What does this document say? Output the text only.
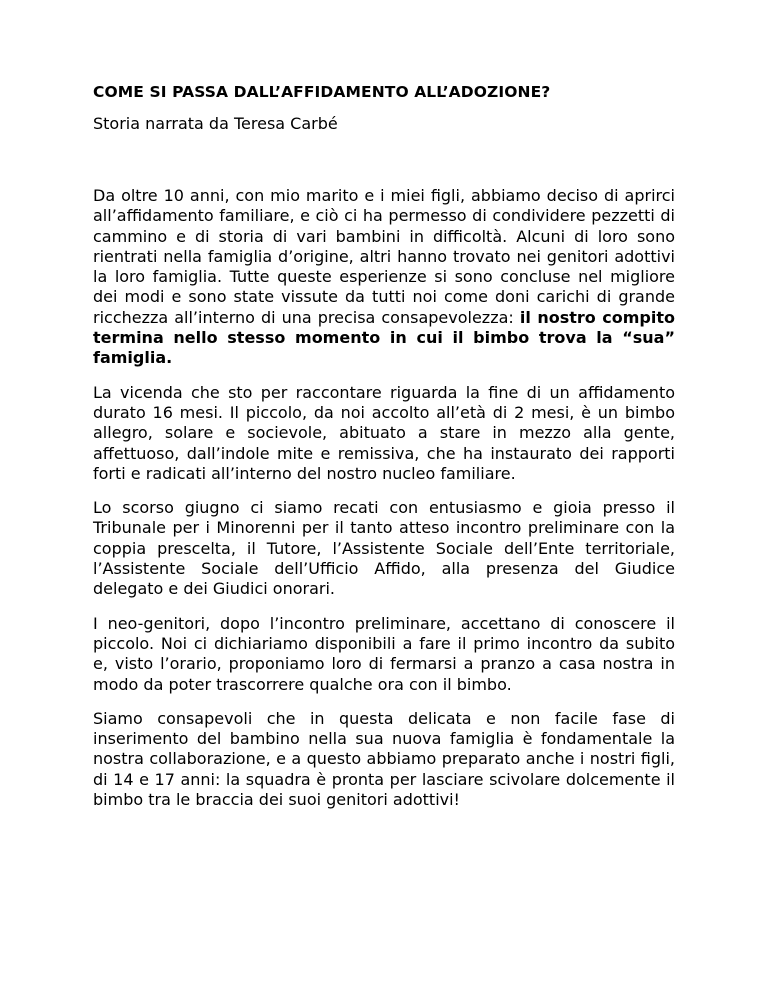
COME SI PASSA DALL’AFFIDAMENTO ALL’ADOZIONE?
Storia narrata da Teresa Carbé

Da oltre 10 anni, con mio marito e i miei figli, abbiamo deciso di aprirci all’affidamento familiare, e ciò ci ha permesso di condividere pezzetti di cammino e di storia di vari bambini in difficoltà. Alcuni di loro sono rientrati nella famiglia d’origine, altri hanno trovato nei genitori adottivi la loro famiglia. Tutte queste esperienze si sono concluse nel migliore dei modi e sono state vissute da tutti noi come doni carichi di grande ricchezza all’interno di una precisa consapevolezza: il nostro compito termina nello stesso momento in cui il bimbo trova la “sua” famiglia.

La vicenda che sto per raccontare riguarda la fine di un affidamento durato 16 mesi. Il piccolo, da noi accolto all’età di 2 mesi, è un bimbo allegro, solare e socievole, abituato a stare in mezzo alla gente, affettuoso, dall’indole mite e remissiva, che ha instaurato dei rapporti forti e radicati all’interno del nostro nucleo familiare.

Lo scorso giugno ci siamo recati con entusiasmo e gioia presso il Tribunale per i Minorenni per il tanto atteso incontro preliminare con la coppia prescelta, il Tutore, l’Assistente Sociale dell’Ente territoriale, l’Assistente Sociale dell’Ufficio Affido, alla presenza del Giudice delegato e dei Giudici onorari.

I neo-genitori, dopo l’incontro preliminare, accettano di conoscere il piccolo. Noi ci dichiariamo disponibili a fare il primo incontro da subito e, visto l’orario, proponiamo loro di fermarsi a pranzo a casa nostra in modo da poter trascorrere qualche ora con il bimbo.

Siamo consapevoli che in questa delicata e non facile fase di inserimento del bambino nella sua nuova famiglia è fondamentale la nostra collaborazione, e a questo abbiamo preparato anche i nostri figli, di 14 e 17 anni: la squadra è pronta per lasciare scivolare dolcemente il bimbo tra le braccia dei suoi genitori adottivi!
